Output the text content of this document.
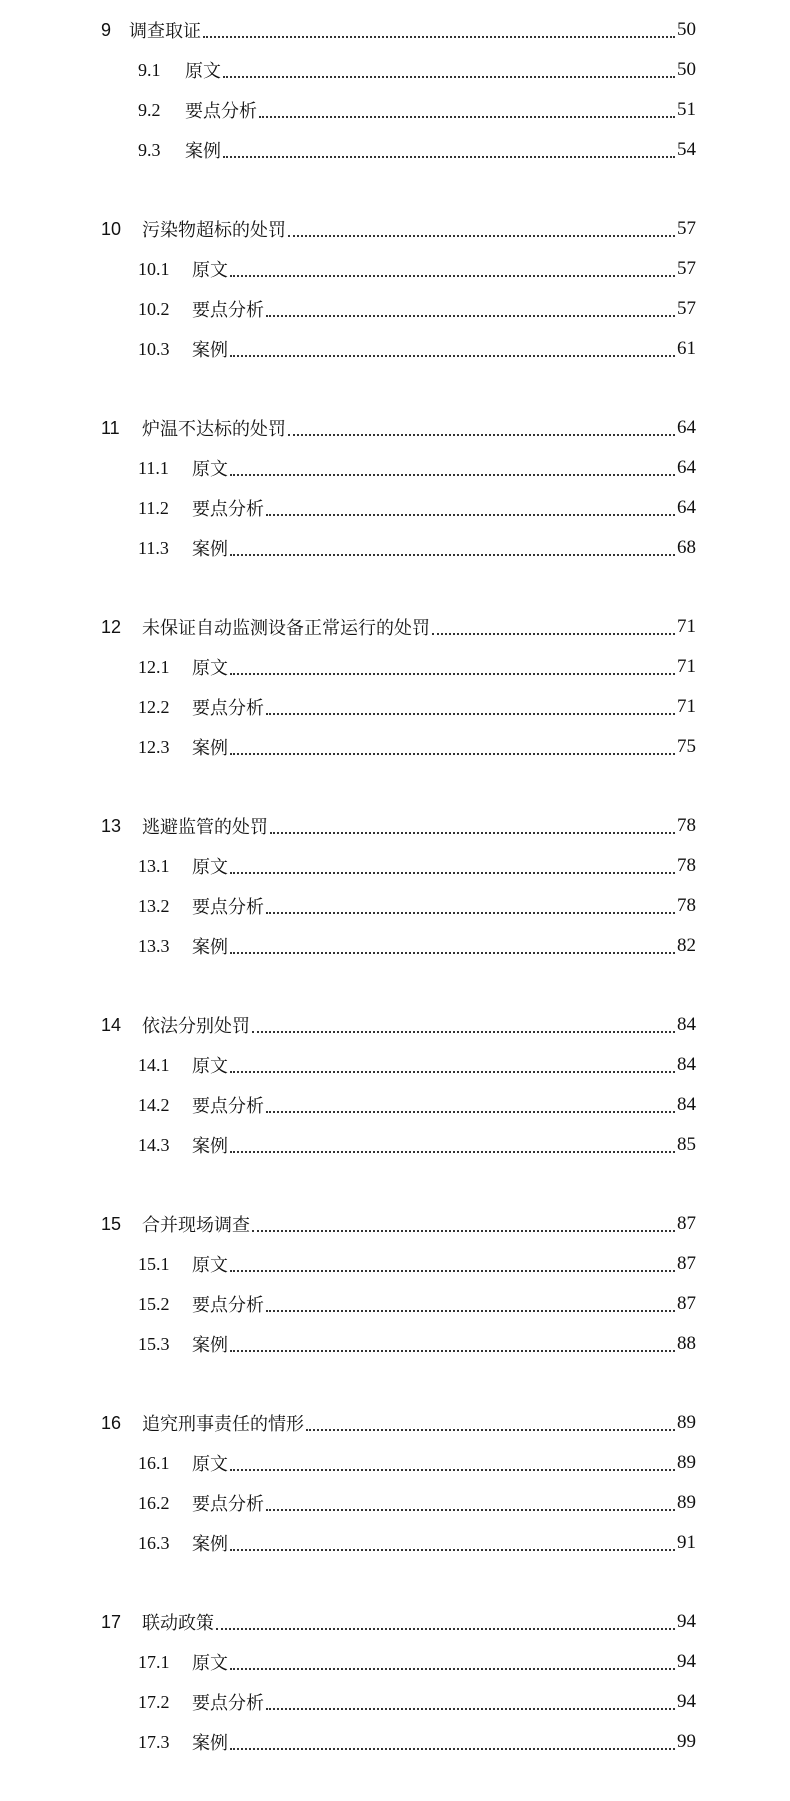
9 调查取证	50
9.1	原文	50
9.2	要点分析	51
9.3	案例	54
10	污染物超标的处罚	57
10.1	原文	57
10.2	要点分析	57
10.3	案例	61
11	炉温不达标的处罚	64
11.1	原文	64
11.2	要点分析	64
11.3	案例	68
12	未保证自动监测设备正常运行的处罚	71
12.1	原文	71
12.2	要点分析	71
12.3	案例	75
13	逃避监管的处罚	78
13.1	原文	78
13.2	要点分析	78
13.3	案例	82
14	依法分别处罚	84
14.1	原文	84
14.2	要点分析	84
14.3	案例	85
15	合并现场调查	87
15.1	原文	87
15.2	要点分析	87
15.3	案例	88
16	追究刑事责任的情形	89
16.1	原文	89
16.2	要点分析	89
16.3	案例	91
17	联动政策	94
17.1	原文	94
17.2	要点分析	94
17.3	案例	99
